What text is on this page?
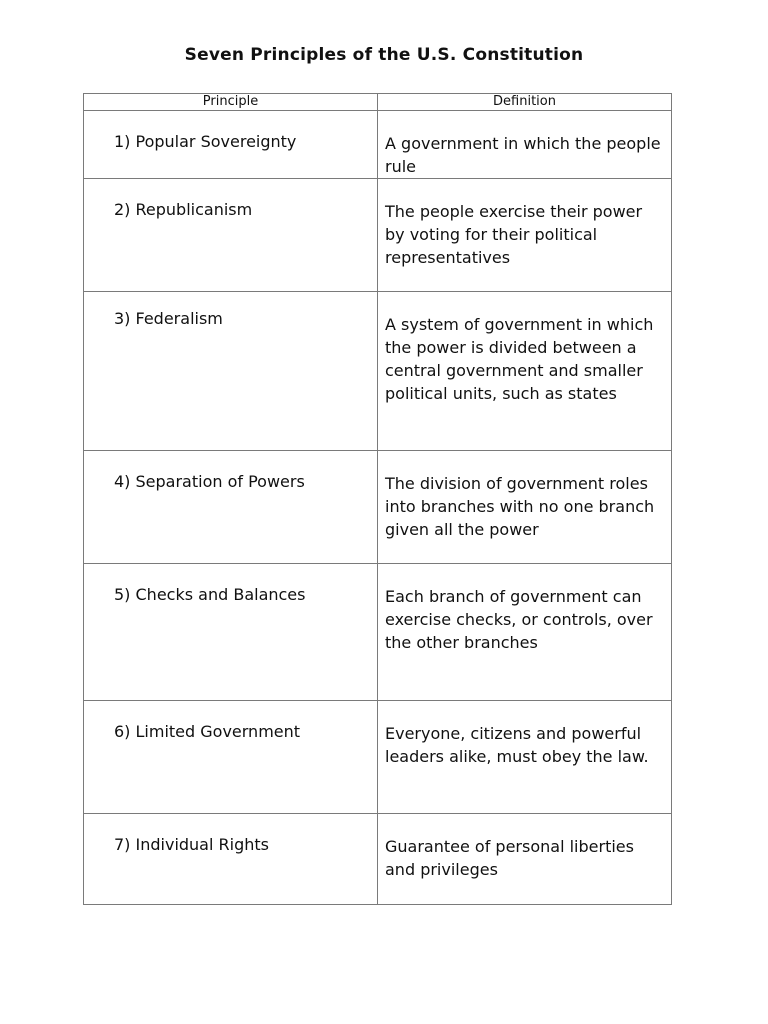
Seven Principles of the U.S. Constitution
Principle	Definition

1) Popular Sovereignty	A government in which the people rule

2) Republicanism	The people exercise their power by voting for their political representatives

3) Federalism	A system of government in which the power is divided between a central government and smaller political units, such as states

4) Separation of Powers	The division of government roles into branches with no one branch given all the power

5) Checks and Balances	Each branch of government can exercise checks, or controls, over the other branches

6) Limited Government	Everyone, citizens and powerful leaders alike, must obey the law.

7) Individual Rights	Guarantee of personal liberties and privileges
